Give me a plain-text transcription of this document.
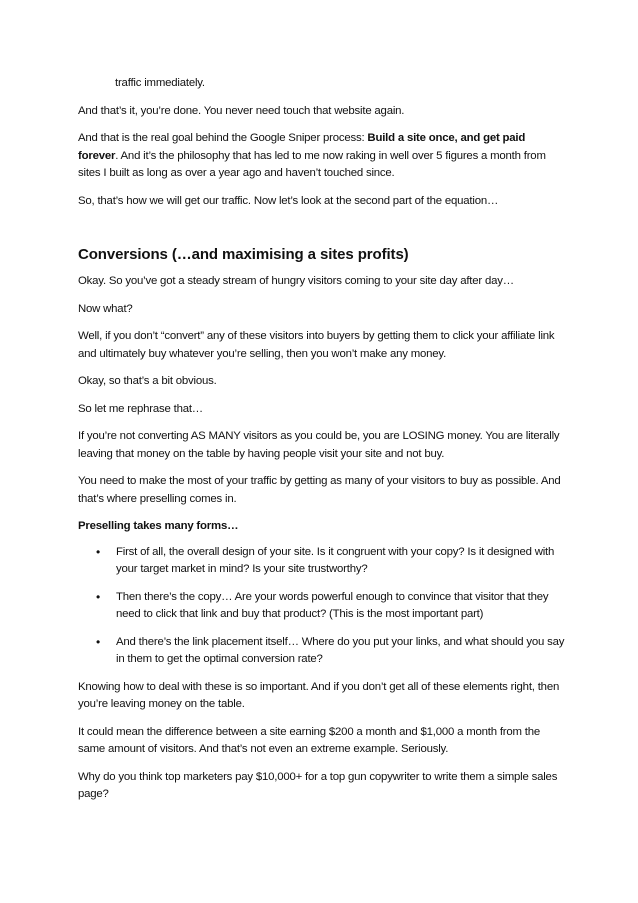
traffic immediately.

And that’s it, you’re done. You never need touch that website again.

And that is the real goal behind the Google Sniper process: Build a site once, and get paid forever. And it’s the philosophy that has led to me now raking in well over 5 figures a month from sites I built as long as over a year ago and haven’t touched since.

So, that’s how we will get our traffic. Now let’s look at the second part of the equation…

Conversions (…and maximising a sites profits)

Okay. So you’ve got a steady stream of hungry visitors coming to your site day after day…

Now what?

Well, if you don’t “convert” any of these visitors into buyers by getting them to click your affiliate link and ultimately buy whatever you’re selling, then you won’t make any money.

Okay, so that’s a bit obvious.

So let me rephrase that…

If you’re not converting AS MANY visitors as you could be, you are LOSING money. You are literally leaving that money on the table by having people visit your site and not buy.

You need to make the most of your traffic by getting as many of your visitors to buy as possible. And that’s where preselling comes in.

Preselling takes many forms…
• First of all, the overall design of your site. Is it congruent with your copy? Is it designed with your target market in mind? Is your site trustworthy?
• Then there’s the copy… Are your words powerful enough to convince that visitor that they need to click that link and buy that product? (This is the most important part)
• And there’s the link placement itself… Where do you put your links, and what should you say in them to get the optimal conversion rate?

Knowing how to deal with these is so important. And if you don’t get all of these elements right, then you’re leaving money on the table.

It could mean the difference between a site earning $200 a month and $1,000 a month from the same amount of visitors. And that’s not even an extreme example. Seriously.

Why do you think top marketers pay $10,000+ for a top gun copywriter to write them a simple sales page?
